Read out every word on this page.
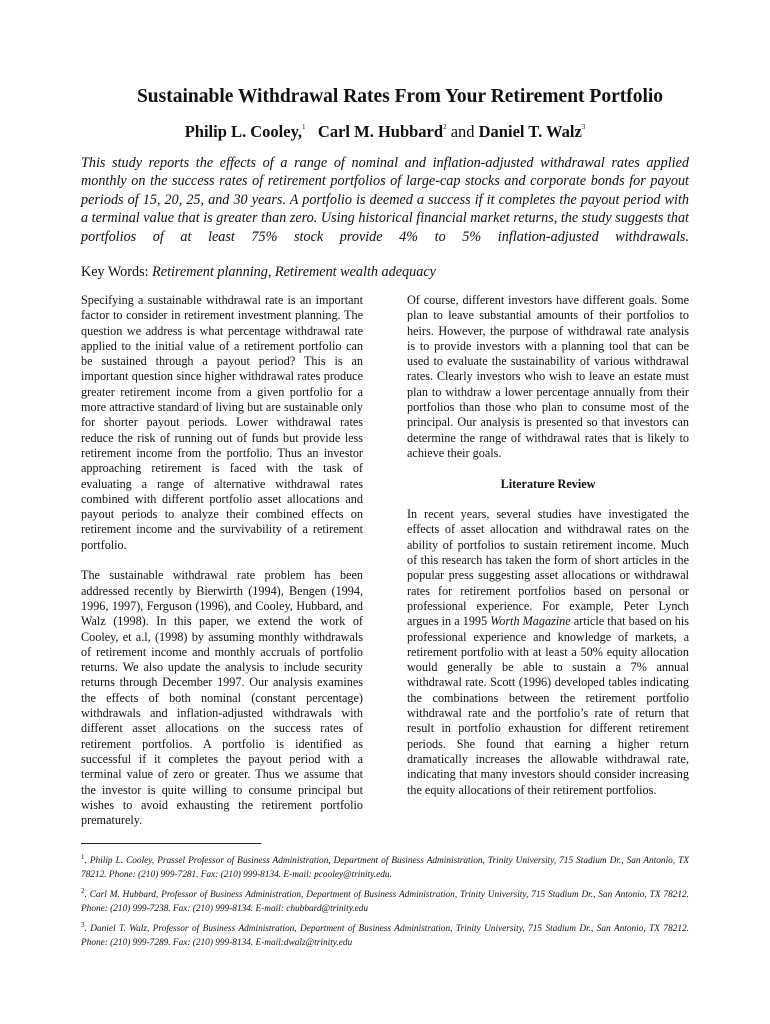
Sustainable Withdrawal Rates From Your Retirement Portfolio
Philip L. Cooley,$^1$ Carl M. Hubbard$^2$ and Daniel T. Walz$^3$
This study reports the effects of a range of nominal and inflation-adjusted withdrawal rates applied monthly on the success rates of retirement portfolios of large-cap stocks and corporate bonds for payout periods of 15, 20, 25, and 30 years. A portfolio is deemed a success if it completes the payout period with a terminal value that is greater than zero. Using historical financial market returns, the study suggests that portfolios of at least 75% stock provide 4% to 5% inflation-adjusted withdrawals.
Key Words: Retirement planning, Retirement wealth adequacy

Specifying a sustainable withdrawal rate is an important factor to consider in retirement investment planning. The question we address is what percentage withdrawal rate applied to the initial value of a retirement portfolio can be sustained through a payout period? This is an important question since higher withdrawal rates produce greater retirement income from a given portfolio for a more attractive standard of living but are sustainable only for shorter payout periods. Lower withdrawal rates reduce the risk of running out of funds but provide less retirement income from the portfolio. Thus an investor approaching retirement is faced with the task of evaluating a range of alternative withdrawal rates combined with different portfolio asset allocations and payout periods to analyze their combined effects on retirement income and the survivability of a retirement portfolio.

The sustainable withdrawal rate problem has been addressed recently by Bierwirth (1994), Bengen (1994, 1996, 1997), Ferguson (1996), and Cooley, Hubbard, and Walz (1998). In this paper, we extend the work of Cooley, et a.l, (1998) by assuming monthly withdrawals of retirement income and monthly accruals of portfolio returns. We also update the analysis to include security returns through December 1997. Our analysis examines the effects of both nominal (constant percentage) withdrawals and inflation-adjusted withdrawals with different asset allocations on the success rates of retirement portfolios. A portfolio is identified as successful if it completes the payout period with a terminal value of zero or greater. Thus we assume that the investor is quite willing to consume principal but wishes to avoid exhausting the retirement portfolio prematurely.

Of course, different investors have different goals. Some plan to leave substantial amounts of their portfolios to heirs. However, the purpose of withdrawal rate analysis is to provide investors with a planning tool that can be used to evaluate the sustainability of various withdrawal rates. Clearly investors who wish to leave an estate must plan to withdraw a lower percentage annually from their portfolios than those who plan to consume most of the principal. Our analysis is presented so that investors can determine the range of withdrawal rates that is likely to achieve their goals.

Literature Review

In recent years, several studies have investigated the effects of asset allocation and withdrawal rates on the ability of portfolios to sustain retirement income. Much of this research has taken the form of short articles in the popular press suggesting asset allocations or withdrawal rates for retirement portfolios based on personal or professional experience. For example, Peter Lynch argues in a 1995 Worth Magazine article that based on his professional experience and knowledge of markets, a retirement portfolio with at least a 50% equity allocation would generally be able to sustain a 7% annual withdrawal rate. Scott (1996) developed tables indicating the combinations between the retirement portfolio withdrawal rate and the portfolio’s rate of return that result in portfolio exhaustion for different retirement periods. She found that earning a higher return dramatically increases the allowable withdrawal rate, indicating that many investors should consider increasing the equity allocations of their retirement portfolios.

$^1$. Philip L. Cooley, Prassel Professor of Business Administration, Department of Business Administration, Trinity University, 715 Stadium Dr., San Antonio, TX 78212. Phone: (210) 999-7281. Fax: (210) 999-8134. E-mail: pcooley@trinity.edu.
$^2$. Carl M. Hubbard, Professor of Business Administration, Department of Business Administration, Trinity University, 715 Stadium Dr., San Antonio, TX 78212. Phone: (210) 999-7238. Fax: (210) 999-8134. E-mail: chubbard@trinity.edu
$^3$. Daniel T. Walz, Professor of Business Administration, Department of Business Administration, Trinity University, 715 Stadium Dr., San Antonio, TX 78212. Phone: (210) 999-7289. Fax: (210) 999-8134. E-mail:dwalz@trinity.edu
